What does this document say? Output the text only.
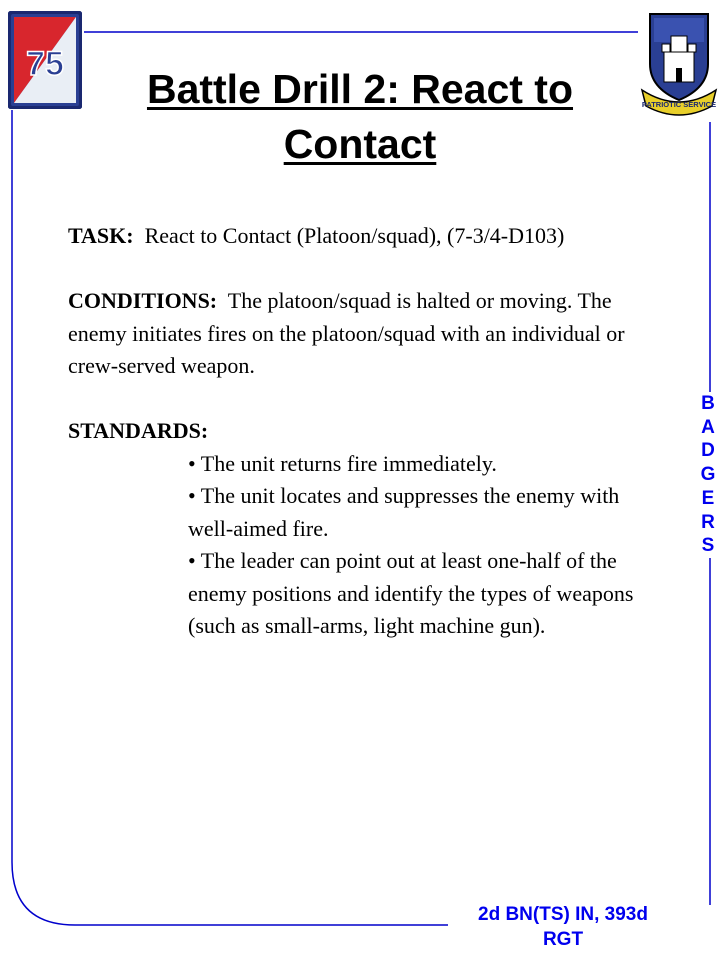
75
PATRIOTIC SERVICE
Battle Drill 2: React to Contact

TASK: React to Contact (Platoon/squad), (7-3/4-D103)

CONDITIONS: The platoon/squad is halted or moving. The enemy initiates fires on the platoon/squad with an individual or crew-served weapon.

STANDARDS:
• The unit returns fire immediately.
• The unit locates and suppresses the enemy with well-aimed fire.
• The leader can point out at least one-half of the enemy positions and identify the types of weapons (such as small-arms, light machine gun).
B
A
D
G
E
R
S
2d BN(TS) IN, 393d
RGT
